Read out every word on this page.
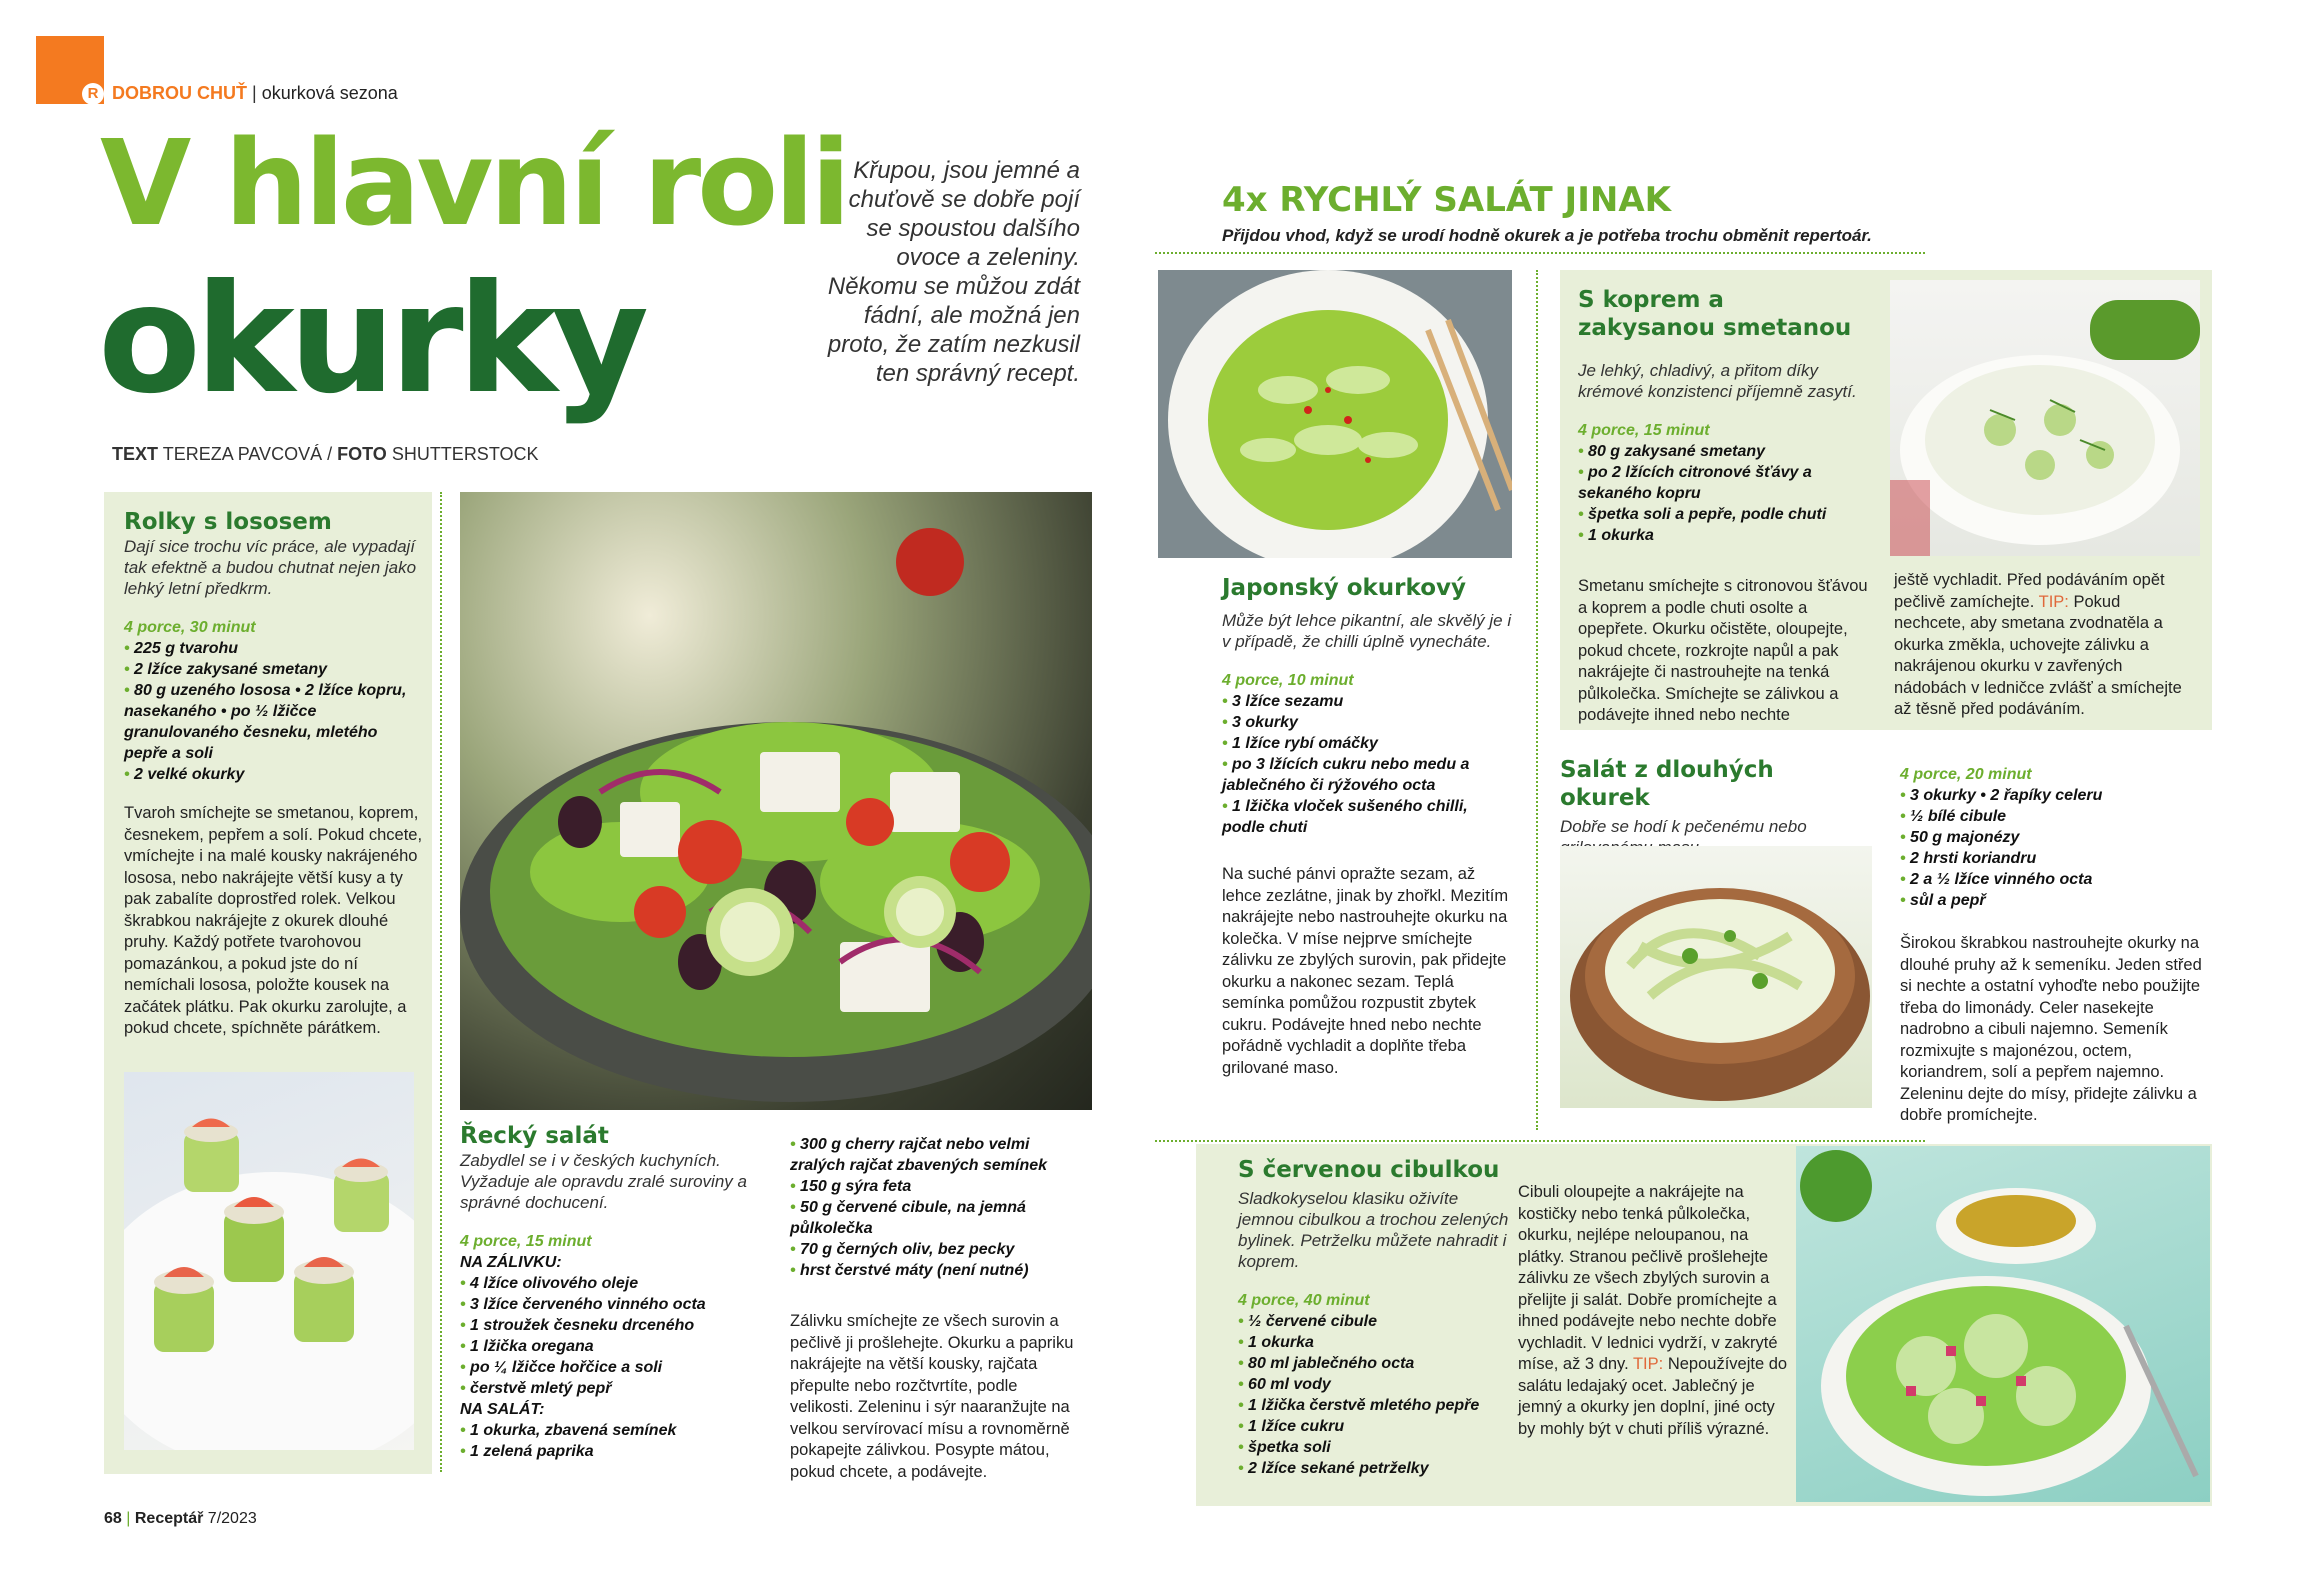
R DOBROU CHUŤ | okurková sezona
V hlavní roli
okurky
Křupou, jsou jemné a chuťově se dobře pojí se spoustou dalšího ovoce a zeleniny. Někomu se můžou zdát fádní, ale možná jen proto, že zatím nezkusil ten správný recept.
TEXT TEREZA PAVCOVÁ / FOTO SHUTTERSTOCK
Rolky s lososem
Dají sice trochu víc práce, ale vypadají tak efektně a budou chutnat nejen jako lehký letní předkrm.
4 porce, 30 minut
• 225 g tvarohu
• 2 lžíce zakysané smetany
• 80 g uzeného lososa • 2 lžíce kopru, nasekaného • po ½ lžičce granulovaného česneku, mletého pepře a soli
• 2 velké okurky
Tvaroh smíchejte se smetanou, koprem, česnekem, pepřem a solí. Pokud chcete, vmíchejte i na malé kousky nakrájeného lososa, nebo nakrájejte větší kusy a ty pak zabalíte doprostřed rolek. Velkou škrabkou nakrájejte z okurek dlouhé pruhy. Každý potřete tvarohovou pomazánkou, a pokud jste do ní nemíchali lososa, položte kousek na začátek plátku. Pak okurku zarolujte, a pokud chcete, spíchněte párátkem.
Řecký salát
Zabydlel se i v českých kuchyních. Vyžaduje ale opravdu zralé suroviny a správné dochucení.
4 porce, 15 minut
NA ZÁLIVKU:
• 4 lžíce olivového oleje
• 3 lžíce červeného vinného octa
• 1 stroužek česneku drceného
• 1 lžička oregana
• po ¼ lžičce hořčice a soli
• čerstvě mletý pepř
NA SALÁT:
• 1 okurka, zbavená semínek
• 1 zelená paprika
• 300 g cherry rajčat nebo velmi zralých rajčat zbavených semínek
• 150 g sýra feta
• 50 g červené cibule, na jemná půlkolečka
• 70 g černých oliv, bez pecky
• hrst čerstvé máty (není nutné)
Zálivku smíchejte ze všech surovin a pečlivě ji prošlehejte. Okurku a papriku nakrájejte na větší kousky, rajčata přepulte nebo rozčtvrtíte, podle velikosti. Zeleninu i sýr naaranžujte na velkou servírovací mísu a rovnoměrně pokapejte zálivkou. Posypte mátou, pokud chcete, a podávejte.
68 | Receptář 7/2023
4x RYCHLÝ SALÁT JINAK
Přijdou vhod, když se urodí hodně okurek a je potřeba trochu obměnit repertoár.
Japonský okurkový
Může být lehce pikantní, ale skvělý je i v případě, že chilli úplně vynecháte.
4 porce, 10 minut
• 3 lžíce sezamu
• 3 okurky
• 1 lžíce rybí omáčky
• po 3 lžících cukru nebo medu a jablečného či rýžového octa
• 1 lžička vloček sušeného chilli, podle chuti
Na suché pánvi opražte sezam, až lehce zezlátne, jinak by zhořkl. Mezitím nakrájejte nebo nastrouhejte okurku na kolečka. V míse nejprve smíchejte zálivku ze zbylých surovin, pak přidejte okurku a nakonec sezam. Teplá semínka pomůžou rozpustit zbytek cukru. Podávejte hned nebo nechte pořádně vychladit a doplňte třeba grilované maso.
S koprem a zakysanou smetanou
Je lehký, chladivý, a přitom díky krémové konzistenci příjemně zasytí.
4 porce, 15 minut
• 80 g zakysané smetany
• po 2 lžících citronové šťávy a sekaného kopru
• špetka soli a pepře, podle chuti
• 1 okurka
Smetanu smíchejte s citronovou šťávou a koprem a podle chuti osolte a opepřete. Okurku očistěte, oloupejte, pokud chcete, rozkrojte napůl a pak nakrájejte či nastrouhejte na tenká půlkolečka. Smíchejte se zálivkou a podávejte ihned nebo nechte
ještě vychladit. Před podáváním opět pečlivě zamíchejte. TIP: Pokud nechcete, aby smetana zvodnatěla a okurka změkla, uchovejte zálivku a nakrájenou okurku v zavřených nádobách v ledničce zvlášť a smíchejte až těsně před podáváním.
Salát z dlouhých okurek
Dobře se hodí k pečenému nebo
4 porce, 20 minut
• 3 okurky • 2 řapíky celeru
• ½ bílé cibule
• 50 g majonézy
• 2 hrsti koriandru
• 2 a ½ lžíce vinného octa
• sůl a pepř
Širokou škrabkou nastrouhejte okurky na dlouhé pruhy až k semeníku. Jeden střed si nechte a ostatní vyhoďte nebo použijte třeba do limonády. Celer nasekejte nadrobno a cibuli najemno. Semeník rozmixujte s majonézou, octem, koriandrem, solí a pepřem najemno. Zeleninu dejte do mísy, přidejte zálivku a dobře promíchejte.
S červenou cibulkou
Sladkokyselou klasiku oživíte jemnou cibulkou a trochou zelených bylinek. Petrželku můžete nahradit i koprem.
4 porce, 40 minut
• ½ červené cibule
• 1 okurka
• 80 ml jablečného octa
• 60 ml vody
• 1 lžička čerstvě mletého pepře
• 1 lžíce cukru
• špetka soli
• 2 lžíce sekané petrželky
Cibuli oloupejte a nakrájejte na kostičky nebo tenká půlkolečka, okurku, nejlépe neloupanou, na plátky. Stranou pečlivě prošlehejte zálivku ze všech zbylých surovin a přelijte ji salát. Dobře promíchejte a ihned podávejte nebo nechte dobře vychladit. V lednici vydrží, v zakryté míse, až 3 dny. TIP: Nepoužívejte do salátu ledajaký ocet. Jablečný je jemný a okurky jen doplní, jiné octy by mohly být v chuti příliš výrazné.
